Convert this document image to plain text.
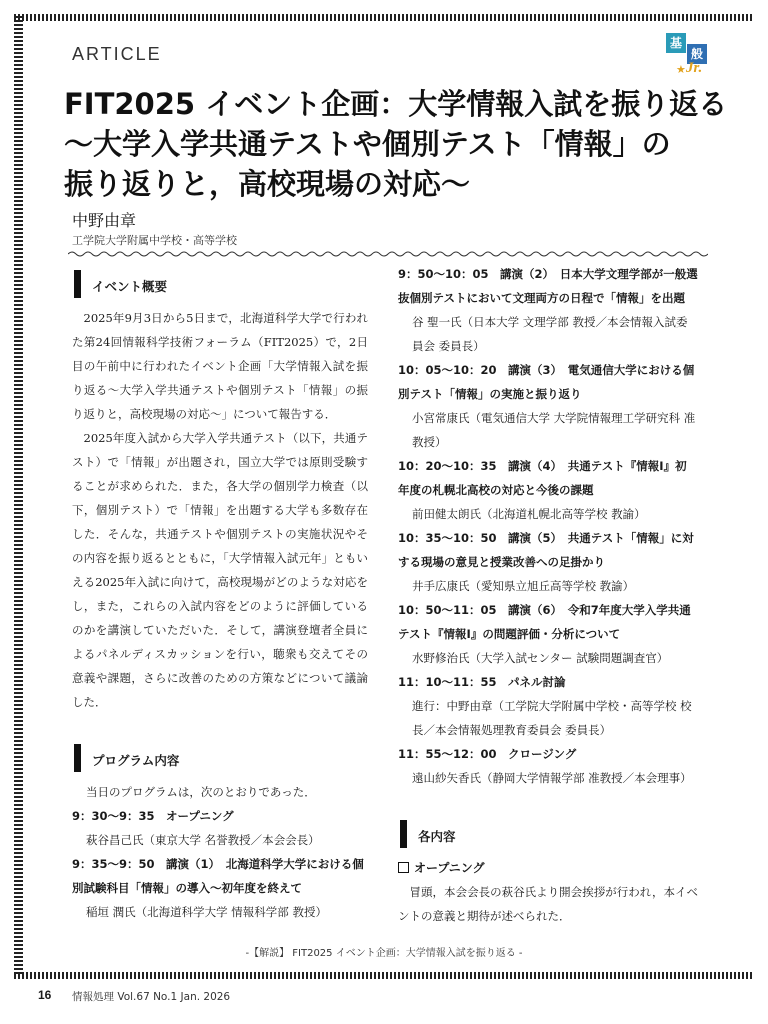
ARTICLE
基
般
★ Jr.
FIT2025 イベント企画：大学情報入試を振り返る
〜大学入学共通テストや個別テスト「情報」の
振り返りと，高校現場の対応〜
中野由章
工学院大学附属中学校・高等学校
イベント概要

2025年9月3日から5日まで，北海道科学大学で行われた第24回情報科学技術フォーラム（FIT2025）で，2日目の午前中に行われたイベント企画「大学情報入試を振り返る〜大学入学共通テストや個別テスト「情報」の振り返りと，高校現場の対応〜」について報告する．

2025年度入試から大学入学共通テスト（以下，共通テスト）で「情報」が出題され，国立大学では原則受験することが求められた．また，各大学の個別学力検査（以下，個別テスト）で「情報」を出題する大学も多数存在した．そんな，共通テストや個別テストの実施状況やその内容を振り返るとともに，「大学情報入試元年」ともいえる2025年入試に向けて，高校現場がどのような対応をし，また，これらの入試内容をどのように評価しているのかを講演していただいた．そして，講演登壇者全員によるパネルディスカッションを行い，聴衆も交えてその意義や課題，さらに改善のための方策などについて議論した．

プログラム内容
当日のプログラムは，次のとおりであった．
9：30〜9：35　オープニング
萩谷昌己氏（東京大学 名誉教授／本会会長）
9：35〜9：50　講演（1）　北海道科学大学における個別試験科目「情報」の導入〜初年度を終えて
稲垣 潤氏（北海道科学大学 情報科学部 教授）
9：50〜10：05　講演（2）　日本大学文理学部が一般選抜個別テストにおいて文理両方の日程で「情報」を出題
谷 聖一氏（日本大学 文理学部 教授／本会情報入試委員会 委員長）
10：05〜10：20　講演（3）　電気通信大学における個別テスト「情報」の実施と振り返り
小宮常康氏（電気通信大学 大学院情報理工学研究科 准教授）
10：20〜10：35　講演（4）　共通テスト『情報Ⅰ』初年度の札幌北高校の対応と今後の課題
前田健太朗氏（北海道札幌北高等学校 教諭）
10：35〜10：50　講演（5）　共通テスト「情報」に対する現場の意見と授業改善への足掛かり
井手広康氏（愛知県立旭丘高等学校 教諭）
10：50〜11：05　講演（6）　令和7年度大学入学共通テスト『情報Ⅰ』の問題評価・分析について
水野修治氏（大学入試センター 試験問題調査官）
11：10〜11：55　パネル討論
進行：中野由章（工学院大学附属中学校・高等学校 校長／本会情報処理教育委員会 委員長）
11：55〜12：00　クロージング
遠山紗矢香氏（静岡大学情報学部 准教授／本会理事）
各内容
オープニング

冒頭，本会会長の萩谷氏より開会挨拶が行われ，本イベントの意義と期待が述べられた．

-【解説】 FIT2025 イベント企画：大学情報入試を振り返る -
16 情報処理 Vol.67 No.1 Jan. 2026
